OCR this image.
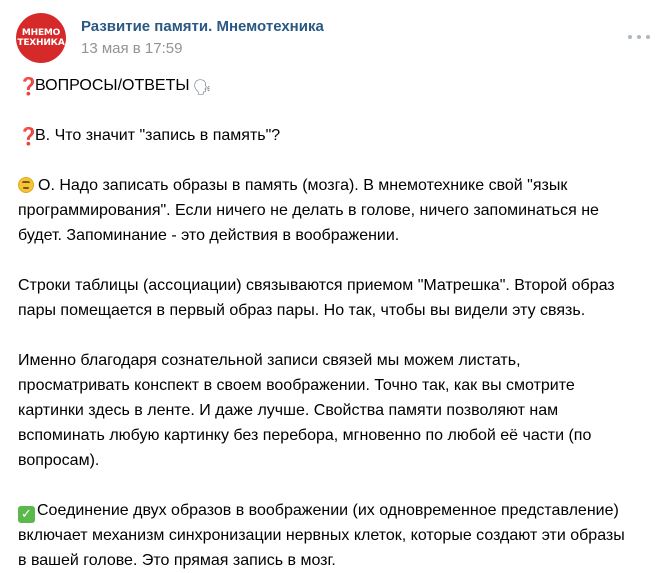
МНЕМО
ТЕХНИКА
Развитие памяти. Мнемотехника
13 мая в 17:59

❓ВОПРОСЫ/ОТВЕТЫ 🗣

❓В. Что значит "запись в память"?

О. Надо записать образы в память (мозга). В мнемотехнике свой "язык
программирования". Если ничего не делать в голове, ничего запоминаться не
будет. Запоминание - это действия в воображении.

Строки таблицы (ассоциации) связываются приемом "Матрешка". Второй образ
пары помещается в первый образ пары. Но так, чтобы вы видели эту связь.

Именно благодаря сознательной записи связей мы можем листать,
просматривать конспект в своем воображении. Точно так, как вы смотрите
картинки здесь в ленте. И даже лучше. Свойства памяти позволяют нам
вспоминать любую картинку без перебора, мгновенно по любой её части (по
вопросам).

✓ Соединение двух образов в воображении (их одновременное представление)
включает механизм синхронизации нервных клеток, которые создают эти образы
в вашей голове. Это прямая запись в мозг.
